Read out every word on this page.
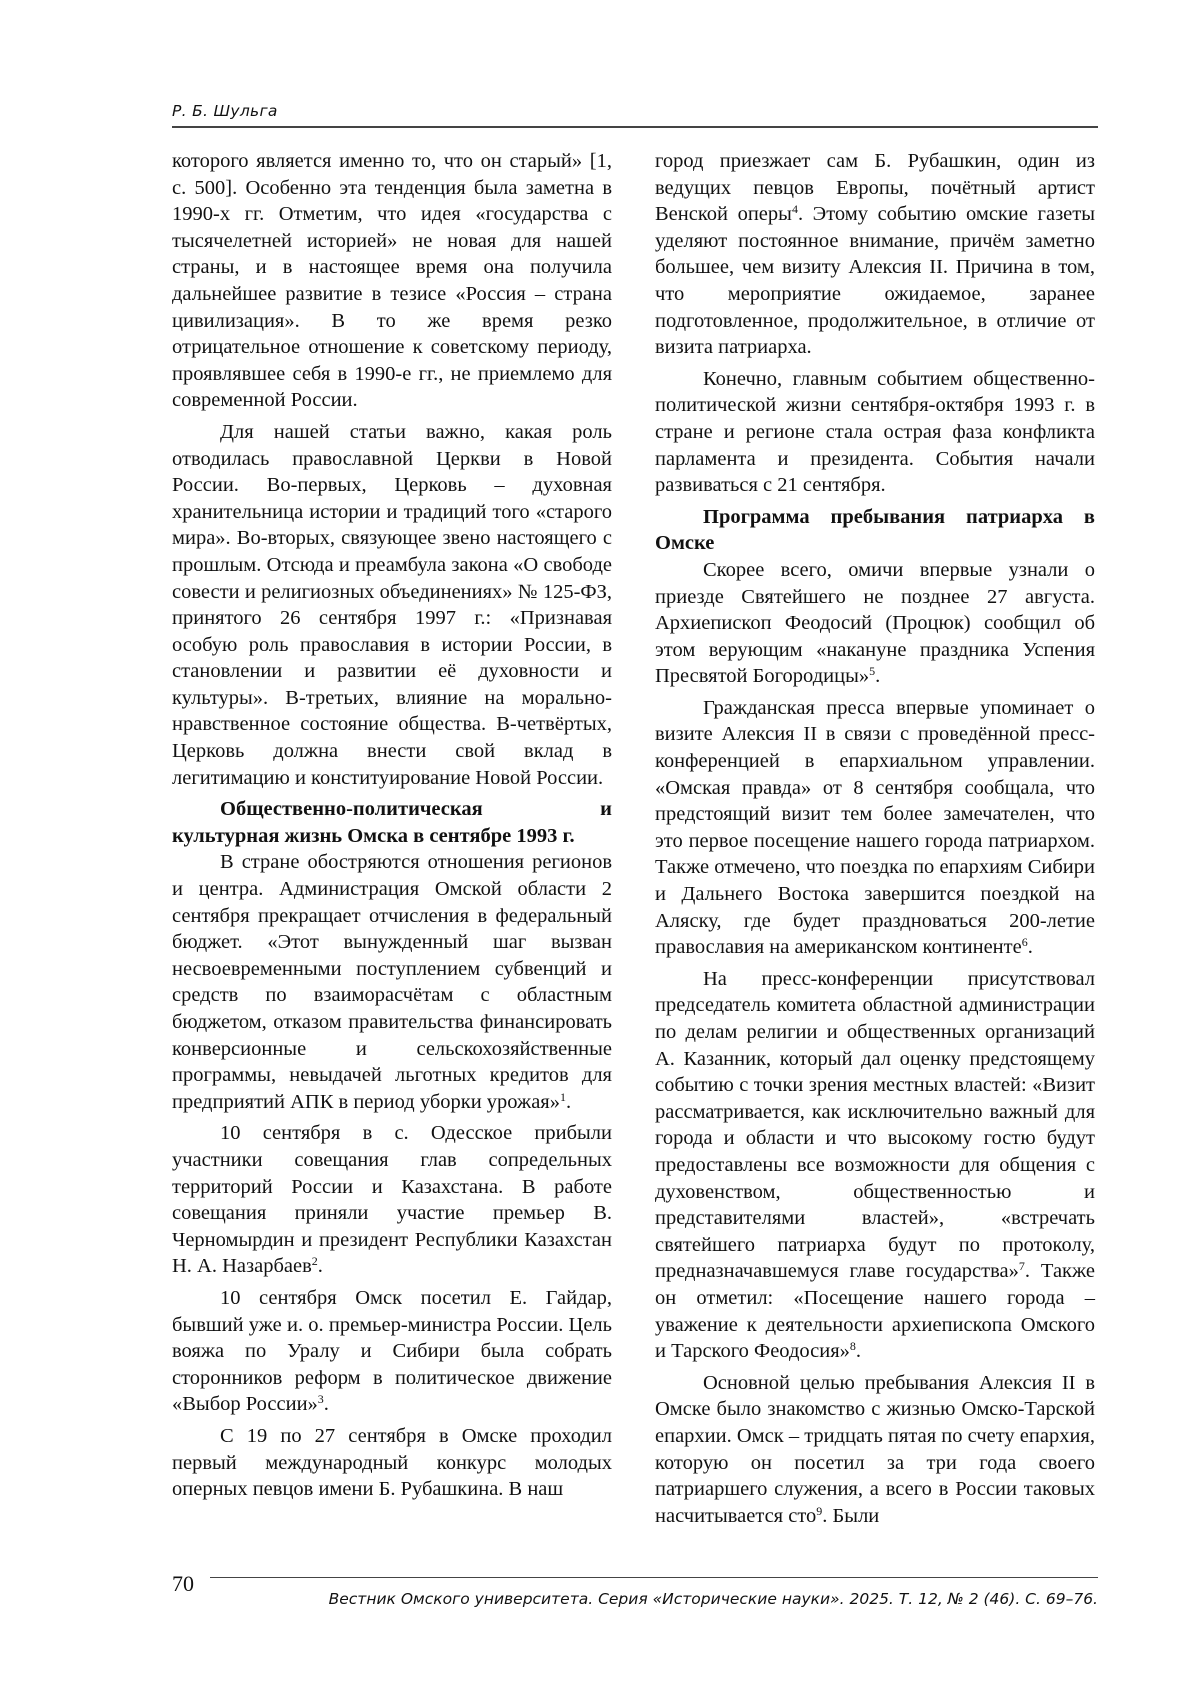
Р. Б. Шульга

которого является именно то, что он старый» [1, с. 500]. Особенно эта тенденция была заметна в 1990-х гг. Отметим, что идея «государства с тысячелетней историей» не новая для нашей страны, и в настоящее время она получила дальнейшее развитие в тезисе «Россия – страна цивилизация». В то же время резко отрицательное отношение к советскому периоду, проявлявшее себя в 1990-е гг., не приемлемо для современной России.

Для нашей статьи важно, какая роль отводилась православной Церкви в Новой России. Во-первых, Церковь – духовная хранительница истории и традиций того «старого мира». Во-вторых, связующее звено настоящего с прошлым. Отсюда и преамбула закона «О свободе совести и религиозных объединениях» № 125-ФЗ, принятого 26 сентября 1997 г.: «Признавая особую роль православия в истории России, в становлении и развитии её духовности и культуры». В-третьих, влияние на морально-нравственное состояние общества. В-четвёртых, Церковь должна внести свой вклад в легитимацию и конституирование Новой России.

Общественно-политическая и культурная жизнь Омска в сентябре 1993 г.

В стране обостряются отношения регионов и центра. Администрация Омской области 2 сентября прекращает отчисления в федеральный бюджет. «Этот вынужденный шаг вызван несвоевременными поступлением субвенций и средств по взаиморасчётам с областным бюджетом, отказом правительства финансировать конверсионные и сельскохозяйственные программы, невыдачей льготных кредитов для предприятий АПК в период уборки урожая»$^1$.

10 сентября в с. Одесское прибыли участники совещания глав сопредельных территорий России и Казахстана. В работе совещания приняли участие премьер В. Черномырдин и президент Республики Казахстан Н. А. Назарбаев$^2$.

10 сентября Омск посетил Е. Гайдар, бывший уже и. о. премьер-министра России. Цель вояжа по Уралу и Сибири была собрать сторонников реформ в политическое движение «Выбор России»$^3$.

С 19 по 27 сентября в Омске проходил первый международный конкурс молодых оперных певцов имени Б. Рубашкина. В наш

город приезжает сам Б. Рубашкин, один из ведущих певцов Европы, почётный артист Венской оперы$^4$. Этому событию омские газеты уделяют постоянное внимание, причём заметно большее, чем визиту Алексия II. Причина в том, что мероприятие ожидаемое, заранее подготовленное, продолжительное, в отличие от визита патриарха.

Конечно, главным событием общественно-политической жизни сентября-октября 1993 г. в стране и регионе стала острая фаза конфликта парламента и президента. События начали развиваться с 21 сентября.

Программа пребывания патриарха в Омске

Скорее всего, омичи впервые узнали о приезде Святейшего не позднее 27 августа. Архиепископ Феодосий (Процюк) сообщил об этом верующим «накануне праздника Успения Пресвятой Богородицы»$^5$.

Гражданская пресса впервые упоминает о визите Алексия II в связи с проведённой пресс-конференцией в епархиальном управлении. «Омская правда» от 8 сентября сообщала, что предстоящий визит тем более замечателен, что это первое посещение нашего города патриархом. Также отмечено, что поездка по епархиям Сибири и Дальнего Востока завершится поездкой на Аляску, где будет праздноваться 200-летие православия на американском континенте$^6$.

На пресс-конференции присутствовал председатель комитета областной администрации по делам религии и общественных организаций А. Казанник, который дал оценку предстоящему событию с точки зрения местных властей: «Визит рассматривается, как исключительно важный для города и области и что высокому гостю будут предоставлены все возможности для общения с духовенством, общественностью и представителями властей», «встречать святейшего патриарха будут по протоколу, предназначавшемуся главе государства»$^7$. Также он отметил: «Посещение нашего города – уважение к деятельности архиепископа Омского и Тарского Феодосия»$^8$.

Основной целью пребывания Алексия II в Омске было знакомство с жизнью Омско-Тарской епархии. Омск – тридцать пятая по счету епархия, которую он посетил за три года своего патриаршего служения, а всего в России таковых насчитывается сто$^9$. Были

70
Вестник Омского университета. Серия «Исторические науки». 2025. Т. 12, № 2 (46). С. 69–76.
